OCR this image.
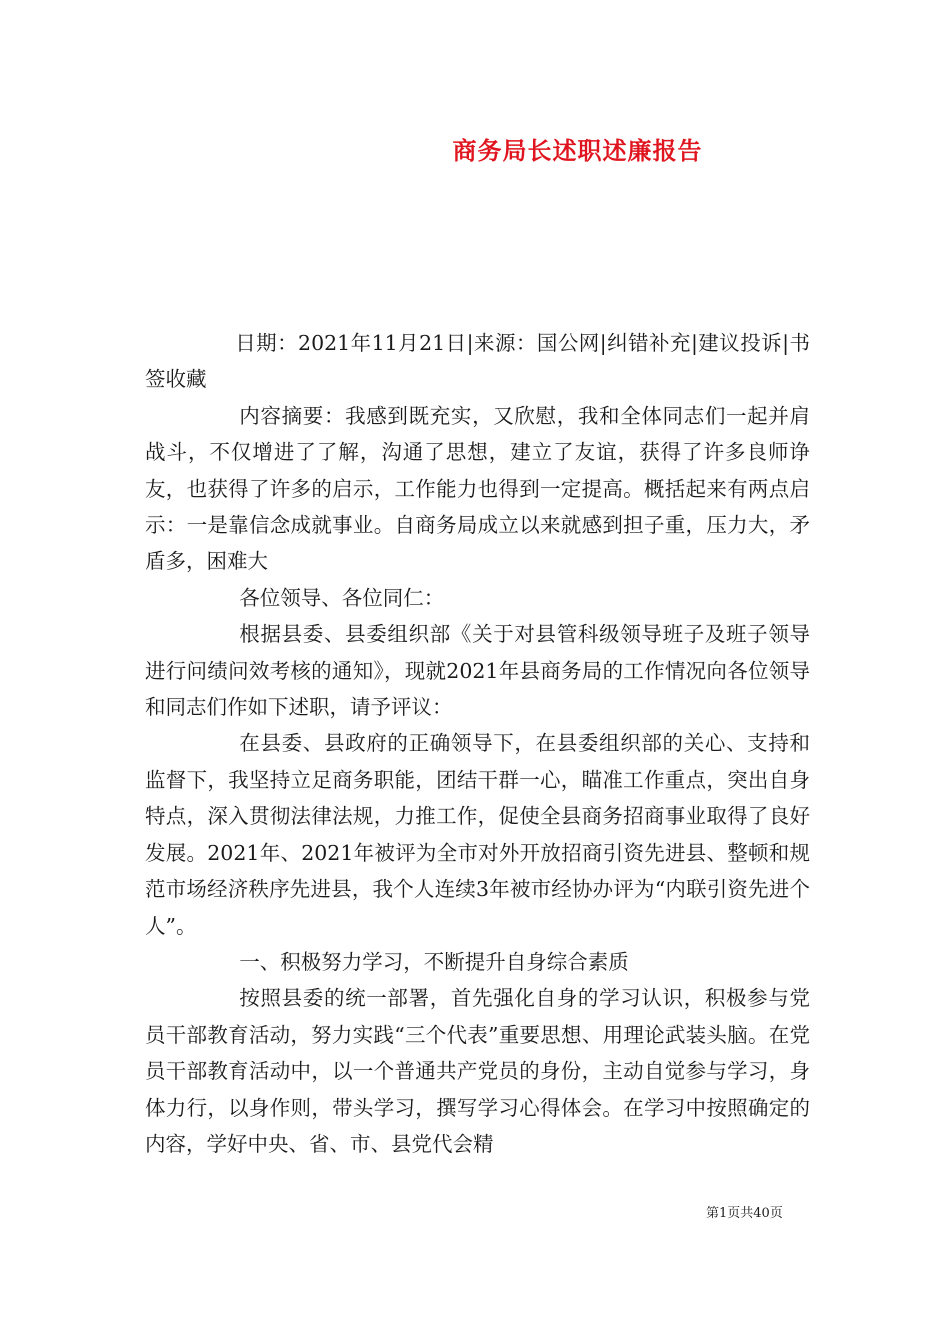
商务局长述职述廉报告

日期：2021年11月21日|来源：国公网|纠错补充|建议投诉|书签收藏

内容摘要：我感到既充实，又欣慰，我和全体同志们一起并肩战斗，不仅增进了了解，沟通了思想，建立了友谊，获得了许多良师诤友，也获得了许多的启示，工作能力也得到一定提高。概括起来有两点启示：一是靠信念成就事业。自商务局成立以来就感到担子重，压力大，矛盾多，困难大

各位领导、各位同仁：

根据县委、县委组织部《关于对县管科级领导班子及班子领导进行问绩问效考核的通知》，现就2021年县商务局的工作情况向各位领导和同志们作如下述职，请予评议：

在县委、县政府的正确领导下，在县委组织部的关心、支持和监督下，我坚持立足商务职能，团结干群一心，瞄准工作重点，突出自身特点，深入贯彻法律法规，力推工作，促使全县商务招商事业取得了良好发展。2021年、2021年被评为全市对外开放招商引资先进县、整顿和规范市场经济秩序先进县，我个人连续3年被市经协办评为“内联引资先进个人”。

一、积极努力学习，不断提升自身综合素质

按照县委的统一部署，首先强化自身的学习认识，积极参与党员干部教育活动，努力实践“三个代表”重要思想、用理论武装头脑。在党员干部教育活动中，以一个普通共产党员的身份，主动自觉参与学习，身体力行，以身作则，带头学习，撰写学习心得体会。在学习中按照确定的内容，学好中央、省、市、县党代会精

第1页共40页
